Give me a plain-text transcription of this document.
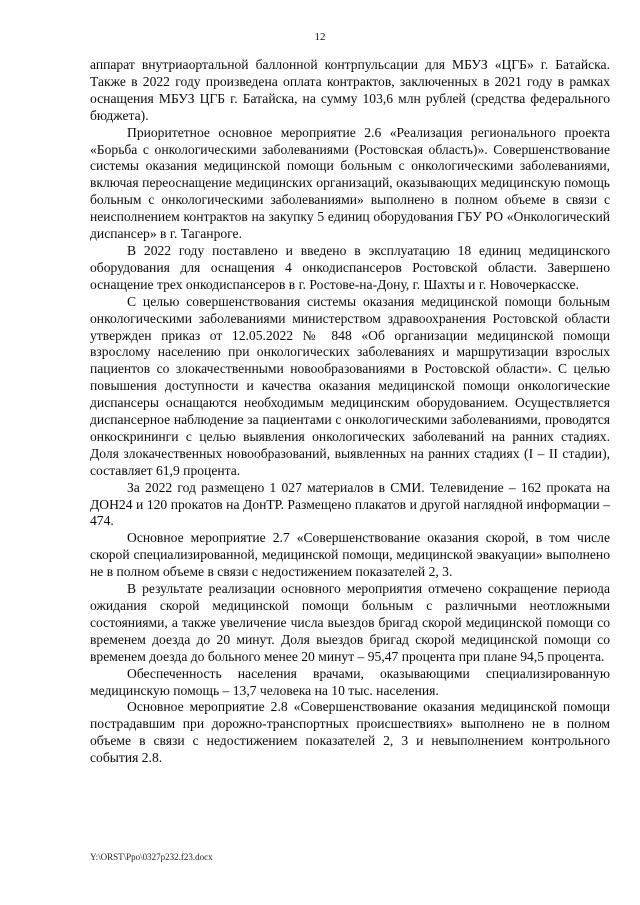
12

аппарат внутриаортальной баллонной контрпульсации для МБУЗ «ЦГБ» г. Батайска. Также в 2022 году произведена оплата контрактов, заключенных в 2021 году в рамках оснащения МБУЗ ЦГБ г. Батайска, на сумму 103,6 млн рублей (средства федерального бюджета).

Приоритетное основное мероприятие 2.6 «Реализация регионального проекта «Борьба с онкологическими заболеваниями (Ростовская область)». Совершенствование системы оказания медицинской помощи больным с онкологическими заболеваниями, включая переоснащение медицинских организаций, оказывающих медицинскую помощь больным с онкологическими заболеваниями» выполнено в полном объеме в связи с неисполнением контрактов на закупку 5 единиц оборудования ГБУ РО «Онкологический диспансер» в г. Таганроге.

В 2022 году поставлено и введено в эксплуатацию 18 единиц медицинского оборудования для оснащения 4 онкодиспансеров Ростовской области. Завершено оснащение трех онкодиспансеров в г. Ростове-на-Дону, г. Шахты и г. Новочеркасске.

С целью совершенствования системы оказания медицинской помощи больным онкологическими заболеваниями министерством здравоохранения Ростовской области утвержден приказ от 12.05.2022 № 848 «Об организации медицинской помощи взрослому населению при онкологических заболеваниях и маршрутизации взрослых пациентов со злокачественными новообразованиями в Ростовской области». С целью повышения доступности и качества оказания медицинской помощи онкологические диспансеры оснащаются необходимым медицинским оборудованием. Осуществляется диспансерное наблюдение за пациентами с онкологическими заболеваниями, проводятся онкоскрининги с целью выявления онкологических заболеваний на ранних стадиях. Доля злокачественных новообразований, выявленных на ранних стадиях (I – II стадии), составляет 61,9 процента.

За 2022 год размещено 1 027 материалов в СМИ. Телевидение – 162 проката на ДОН24 и 120 прокатов на ДонТР. Размещено плакатов и другой наглядной информации – 474.

Основное мероприятие 2.7 «Совершенствование оказания скорой, в том числе скорой специализированной, медицинской помощи, медицинской эвакуации» выполнено не в полном объеме в связи с недостижением показателей 2, 3.

В результате реализации основного мероприятия отмечено сокращение периода ожидания скорой медицинской помощи больным с различными неотложными состояниями, а также увеличение числа выездов бригад скорой медицинской помощи со временем доезда до 20 минут. Доля выездов бригад скорой медицинской помощи со временем доезда до больного менее 20 минут – 95,47 процента при плане 94,5 процента.

Обеспеченность населения врачами, оказывающими специализированную медицинскую помощь – 13,7 человека на 10 тыс. населения.

Основное мероприятие 2.8 «Совершенствование оказания медицинской помощи пострадавшим при дорожно-транспортных происшествиях» выполнено не в полном объеме в связи с недостижением показателей 2, 3 и невыполнением контрольного события 2.8.

Y:\ORST\Ppo\0327p232.f23.docx
